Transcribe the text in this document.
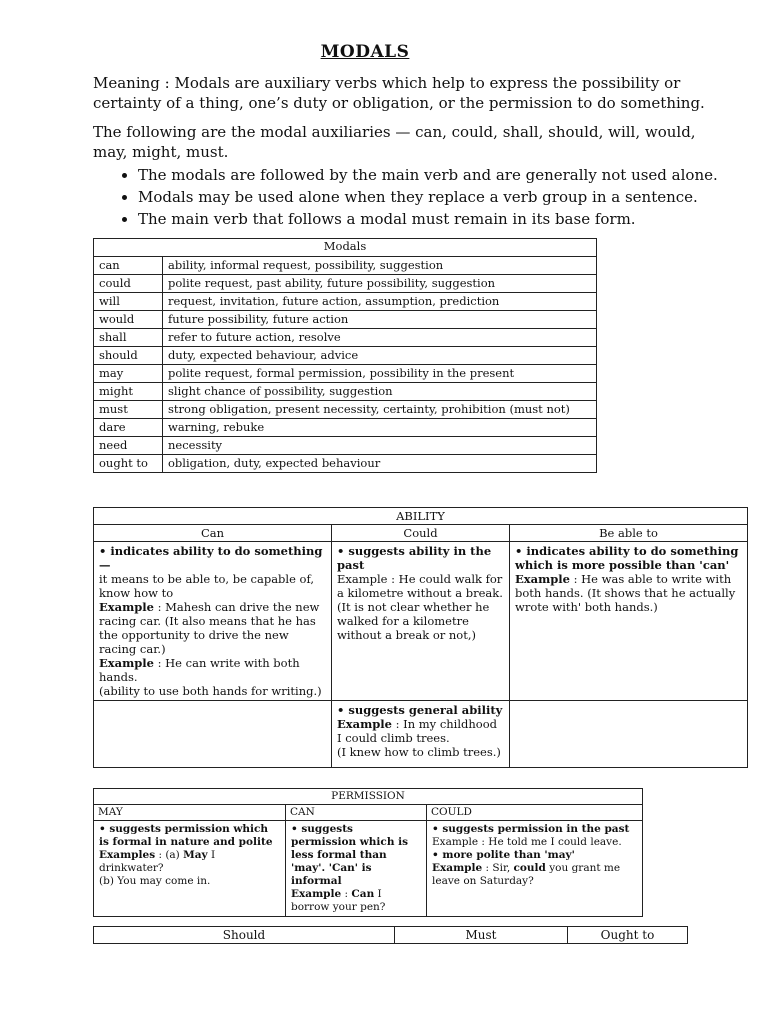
MODALS
Meaning : Modals are auxiliary verbs which help to express the possibility or certainty of a thing, one’s duty or obligation, or the permission to do something.
The following are the modal auxiliaries — can, could, shall, should, will, would, may, might, must.
• The modals are followed by the main verb and are generally not used alone.
• Modals may be used alone when they replace a verb group in a sentence.
• The main verb that follows a modal must remain in its base form.
Modals	
can	ability, informal request, possibility, suggestion
could	polite request, past ability, future possibility, suggestion
will	request, invitation, future action, assumption, prediction
would	future possibility, future action
shall	refer to future action, resolve
should	duty, expected behaviour, advice
may	polite request, formal permission, possibility in the present
might	slight chance of possibility, suggestion
must	strong obligation, present necessity, certainty, prohibition (must not)
dare	warning, rebuke
need	necessity
ought to	obligation, duty, expected behaviour
ABILITY		
Can	Could	Be able to
• indicates ability to do something—
it means to be able to, be capable of, know how to
Example : Mahesh can drive the new racing car. (It also means that he has the opportunity to drive the new racing car.)
Example : He can write with both hands.
(ability to use both hands for writing.)	• suggests ability in the past
Example : He could walk for a kilometre without a break. (It is not clear whether he walked for a kilometre without a break or not,)	• indicates ability to do something which is more possible than 'can'
Example : He was able to write with both hands. (It shows that he actually wrote with' both hands.)
	• suggests general ability
Example : In my childhood
I could climb trees.
(I knew how to climb trees.)	
PERMISSION		
MAY	CAN	COULD
• suggests permission which is formal in nature and polite
Examples : (a) May I drinkwater?
(b) You may come in.	• suggests permission which is less formal than 'may'. 'Can' is informal
Example : Can I borrow your pen?	• suggests permission in the past
Example : He told me I could leave.
• more polite than 'may'
Example : Sir, could you grant me leave on Saturday?
Should	Must	Ought to
